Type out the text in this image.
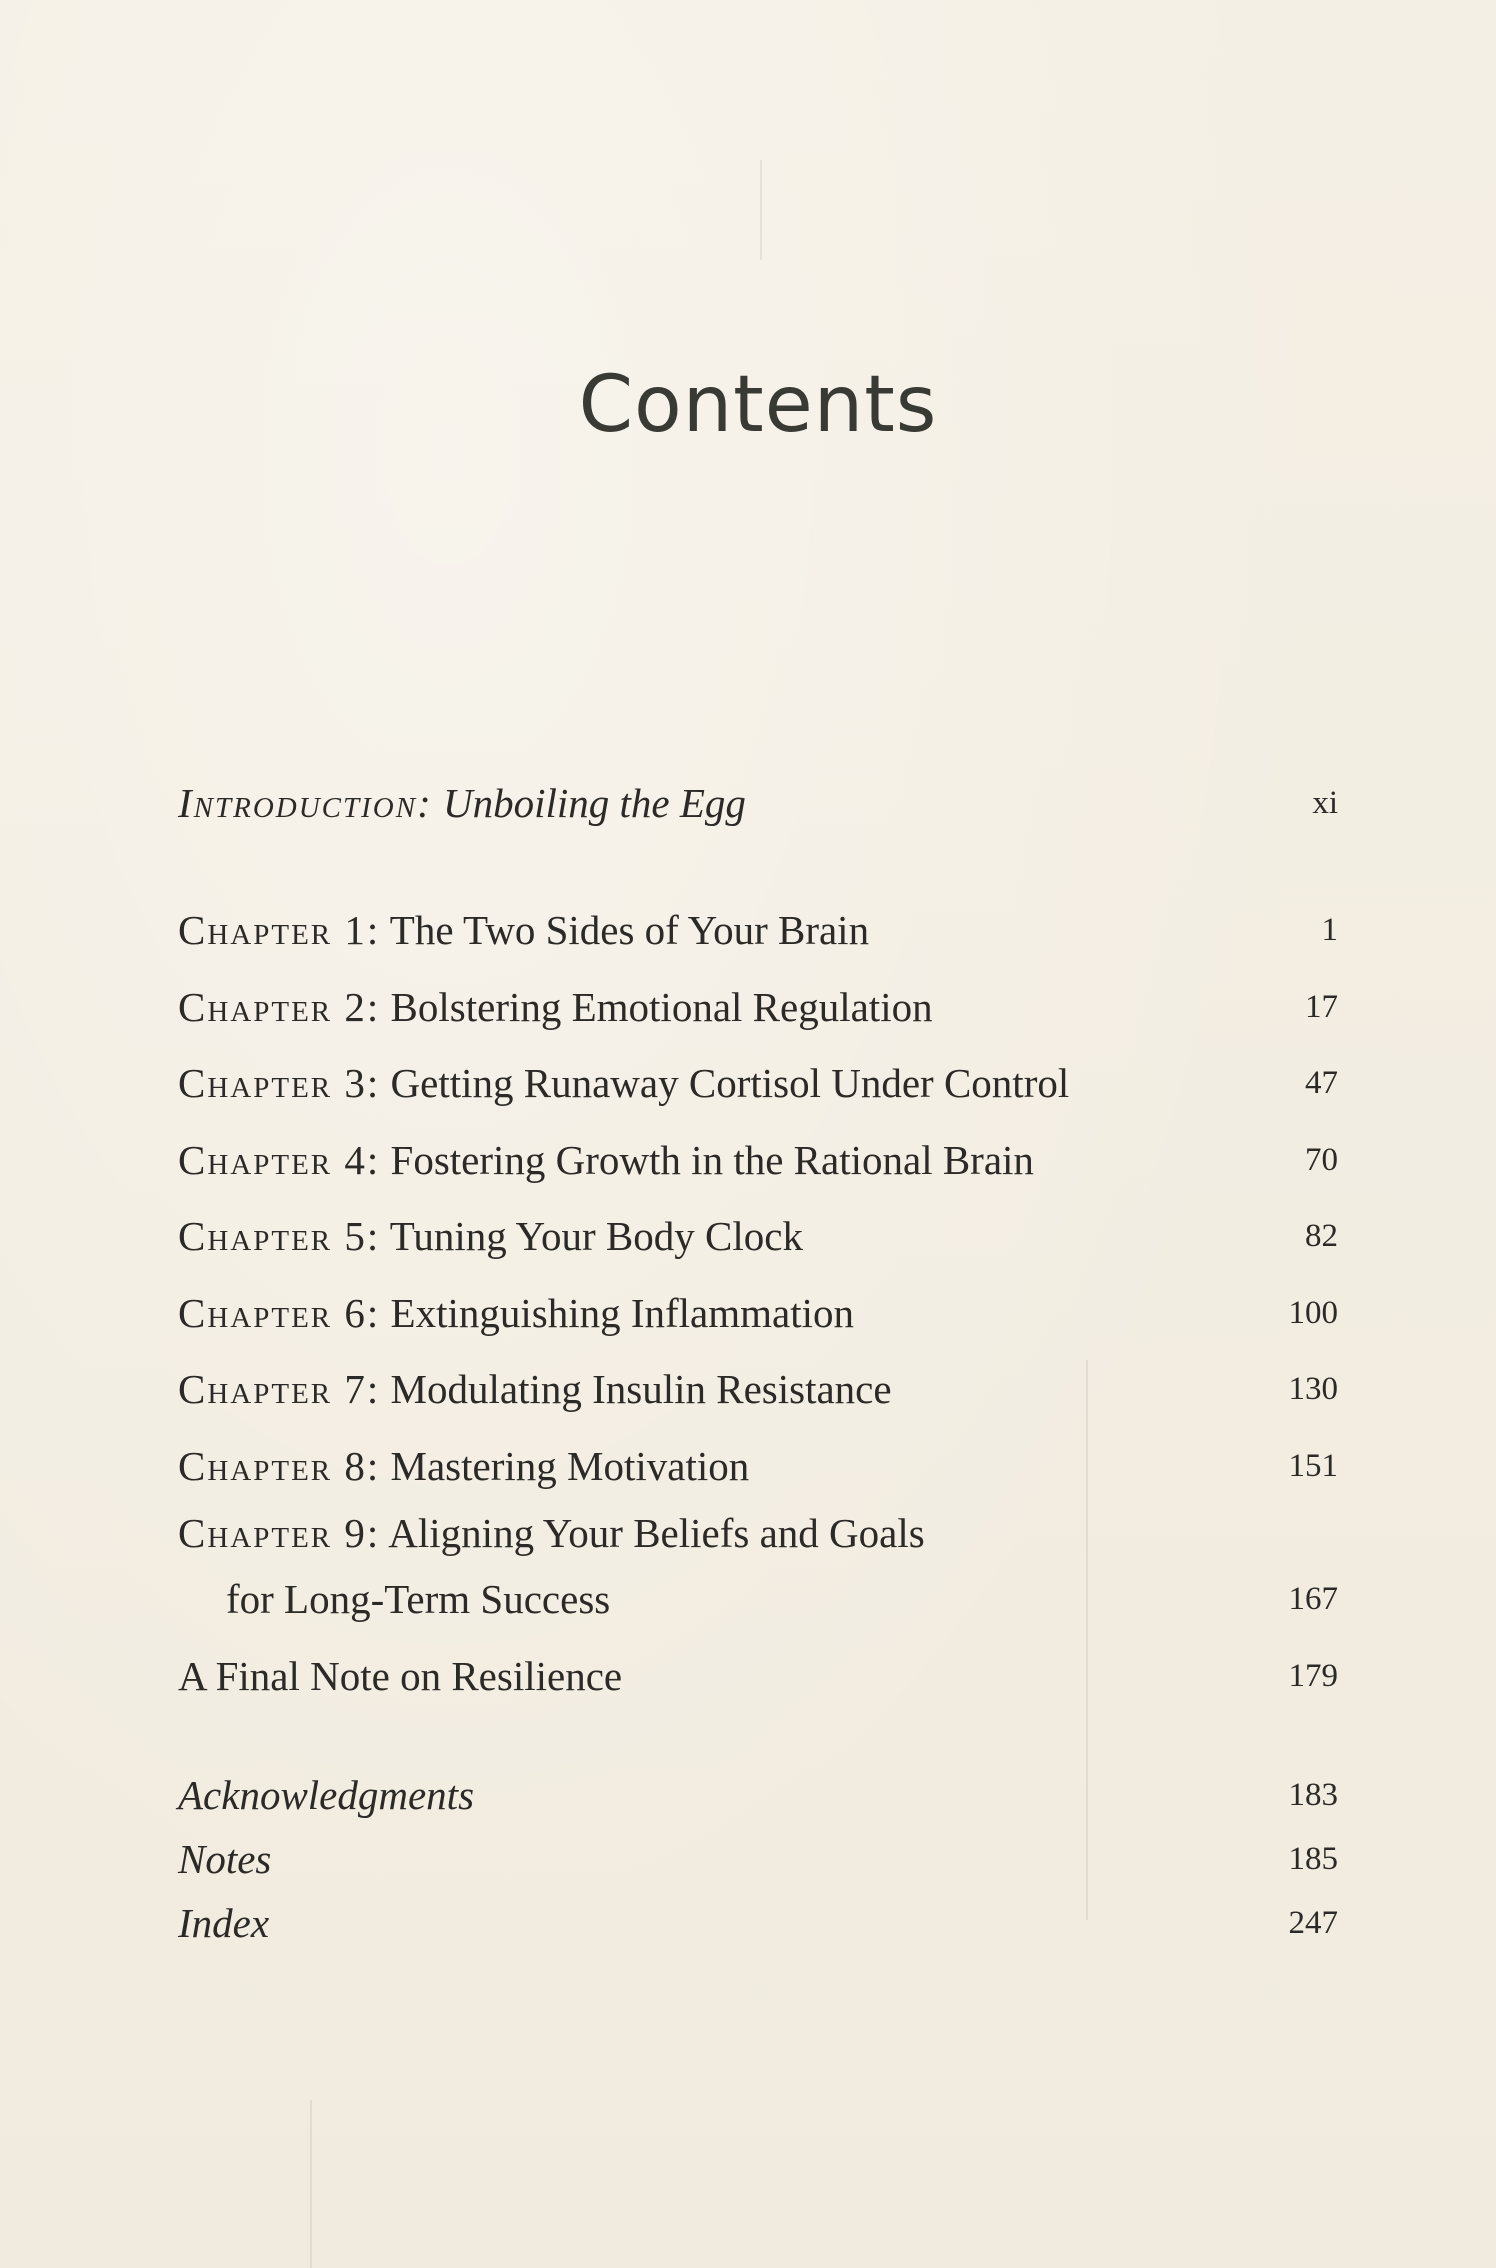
Contents
Introduction: Unboiling the Egg	xi
Chapter 1: The Two Sides of Your Brain	1
Chapter 2: Bolstering Emotional Regulation	17
Chapter 3: Getting Runaway Cortisol Under Control	47
Chapter 4: Fostering Growth in the Rational Brain	70
Chapter 5: Tuning Your Body Clock	82
Chapter 6: Extinguishing Inflammation	100
Chapter 7: Modulating Insulin Resistance	130
Chapter 8: Mastering Motivation	151
Chapter 9: Aligning Your Beliefs and Goals
for Long-Term Success	167
A Final Note on Resilience	179
Acknowledgments	183
Notes	185
Index	247
